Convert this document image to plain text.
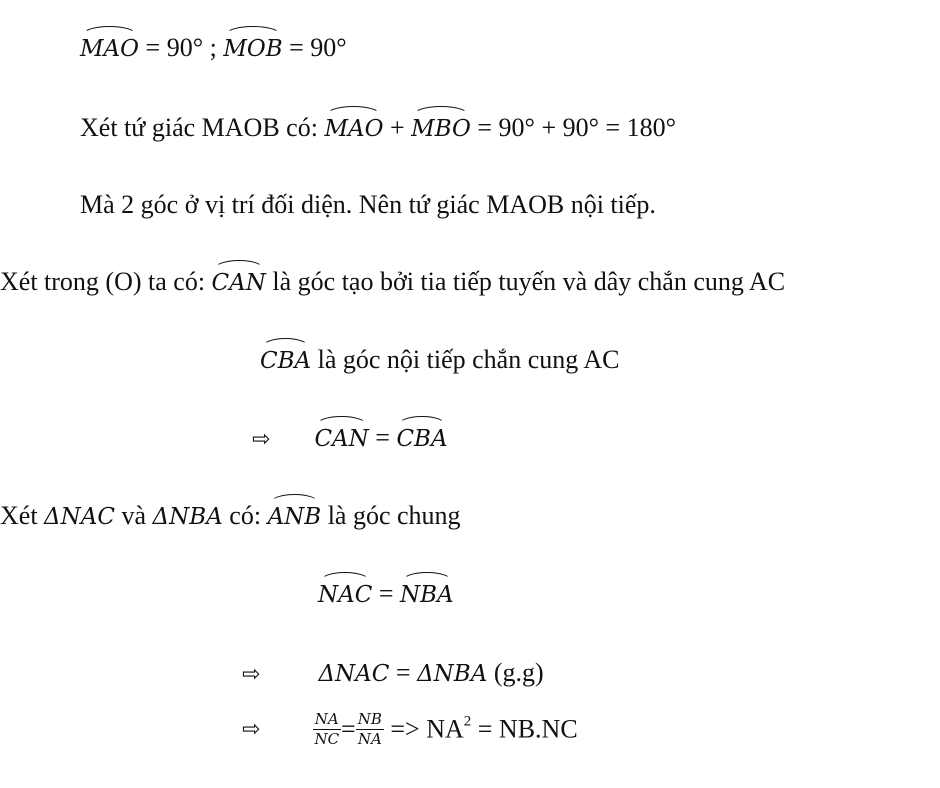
MAO = 90° ; MOB = 90°
Xét tứ giác MAOB có: MAO + MBO = 90° + 90° = 180°
Mà 2 góc ở vị trí đối diện. Nên tứ giác MAOB nội tiếp.
Xét trong (O) ta có: CAN là góc tạo bởi tia tiếp tuyến và dây chắn cung AC
CBA là góc nội tiếp chắn cung AC
⇨ CAN = CBA
Xét ΔNAC và ΔNBA có: ANB là góc chung
NAC = NBA
⇨	ΔNAC = ΔNBA (g.g)
⇨	$\frac{NA}{NC} = \frac{NB}{NA} => NA^2 = NB.NC$
